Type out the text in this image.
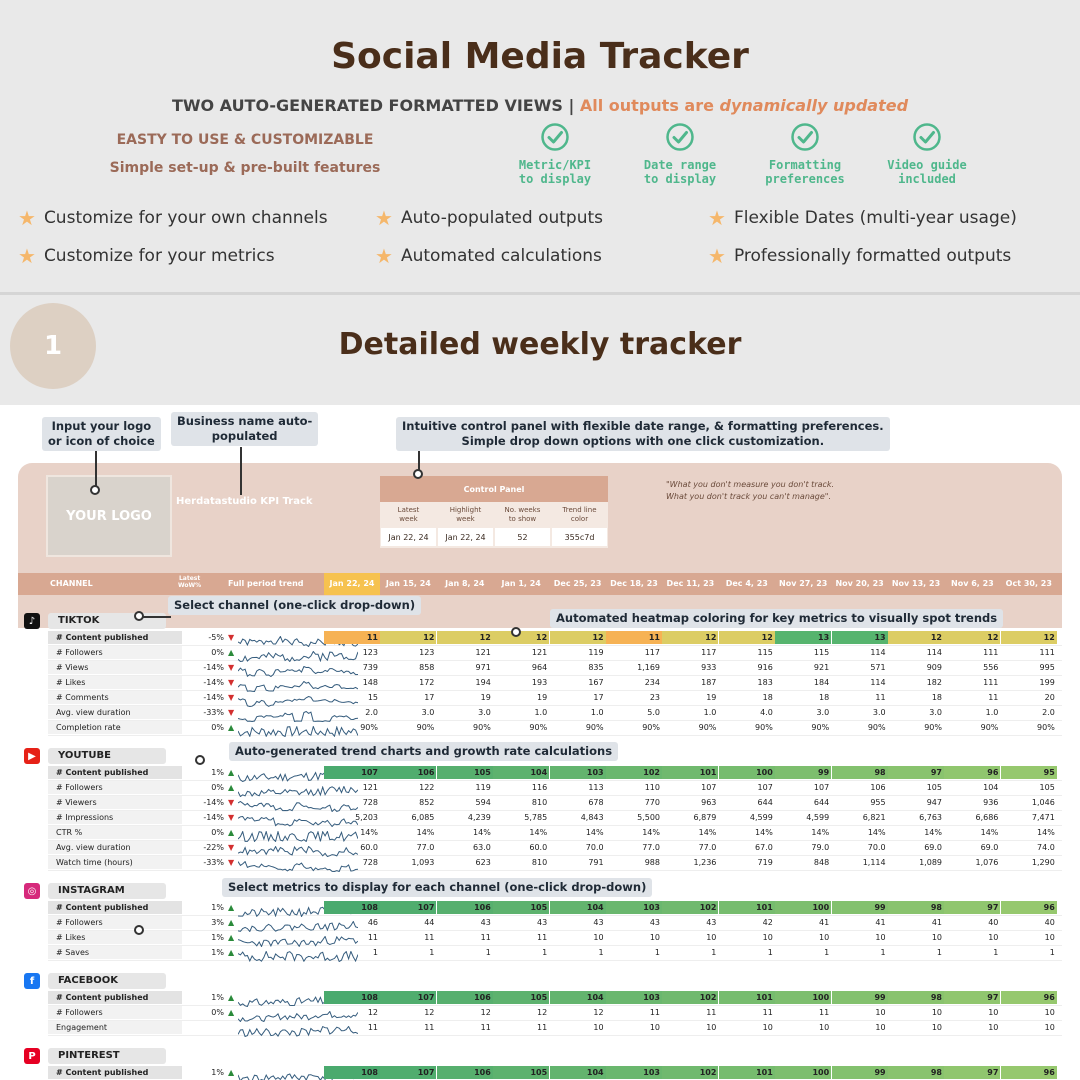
Social Media Tracker
TWO AUTO-GENERATED FORMATTED VIEWS | All outputs are dynamically updated
EASTY TO USE & CUSTOMIZABLE
Simple set-up & pre-built features	Metric/KPI
to display
Date range
to display
Formatting
preferences
Video guide
included
★ Customize for your own channels ★ Auto-populated outputs	★ Flexible Dates (multi-year usage)
★ Customize for your metrics	★ Automated calculations	★ Professionally formatted outputs
1	Detailed weekly tracker
Input your logo
or icon of choice
Business name auto-
populated
Intuitive control panel with flexible date range, & formatting preferences.
Simple drop down options with one click customization.
Select channel (one-click drop-down)
Automated heatmap coloring for key metrics to visually spot trends
Auto-generated trend charts and growth rate calculations
Select metrics to display for each channel (one-click drop-down)
YOUR LOGO
Herdatastudio KPI Track
Control Panel
Latest
week
Highlight
week
No. weeks
to show
Trend line
color
Jan 22, 24	Jan 22, 24	52	355c7d
"What you don't measure you don't track.
What you don't track you can't manage".
CHANNEL
Latest
WoW%	Full period trend	Jan 22, 24	Jan 15, 24	Jan 8, 24	Jan 1, 24	Dec 25, 23	Dec 18, 23	Dec 11, 23	Dec 4, 23	Nov 27, 23	Nov 20, 23	Nov 13, 23	Nov 6, 23	Oct 30, 23
♪	TIKTOK
# Content published	-5% ▼	11	12	12	12	12	11	12	12	13	13	12	12	12
# Followers	0% ▲	123	123	121	121	119	117	117	115	115	114	114	111	111
# Views	-14% ▼	739	858	971	964	835	1,169	933	916	921	571	909	556	995
# Likes	-14% ▼	148	172	194	193	167	234	187	183	184	114	182	111	199
# Comments	-14% ▼	15	17	19	19	17	23	19	18	18	11	18	11	20
Avg. view duration	-33% ▼	2.0	3.0	3.0	1.0	1.0	5.0	1.0	4.0	3.0	3.0	3.0	1.0	2.0
Completion rate	0% ▲	90%	90%	90%	90%	90%	90%	90%	90%	90%	90%	90%	90%	90%
▶	YOUTUBE
# Content published	1% ▲	107	106	105	104	103	102	101	100	99	98	97	96	95
# Followers	0% ▲	121	122	119	116	113	110	107	107	107	106	105	104	105
# Viewers	-14% ▼	728	852	594	810	678	770	963	644	644	955	947	936	1,046
# Impressions	-14% ▼	5,203	6,085	4,239	5,785	4,843	5,500	6,879	4,599	4,599	6,821	6,763	6,686	7,471
CTR %	0% ▲	14%	14%	14%	14%	14%	14%	14%	14%	14%	14%	14%	14%	14%
Avg. view duration	-22% ▼	60.0	77.0	63.0	60.0	70.0	77.0	77.0	67.0	79.0	70.0	69.0	69.0	74.0
Watch time (hours)	-33% ▼	728	1,093	623	810	791	988	1,236	719	848	1,114	1,089	1,076	1,290
◎	INSTAGRAM
# Content published	1% ▲	108	107	106	105	104	103	102	101	100	99	98	97	96
# Followers	3% ▲	46	44	43	43	43	43	43	42	41	41	41	40	40
# Likes	1% ▲	11	11	11	11	10	10	10	10	10	10	10	10	10
# Saves	1% ▲	1	1	1	1	1	1	1	1	1	1	1	1	1
f	FACEBOOK
# Content published	1% ▲	108	107	106	105	104	103	102	101	100	99	98	97	96
# Followers	0% ▲	12	12	12	12	12	11	11	11	11	10	10	10	10
Engagement	11	11	11	11	10	10	10	10	10	10	10	10	10
P	PINTEREST
# Content published	1% ▲	108	107	106	105	104	103	102	101	100	99	98	97	96
